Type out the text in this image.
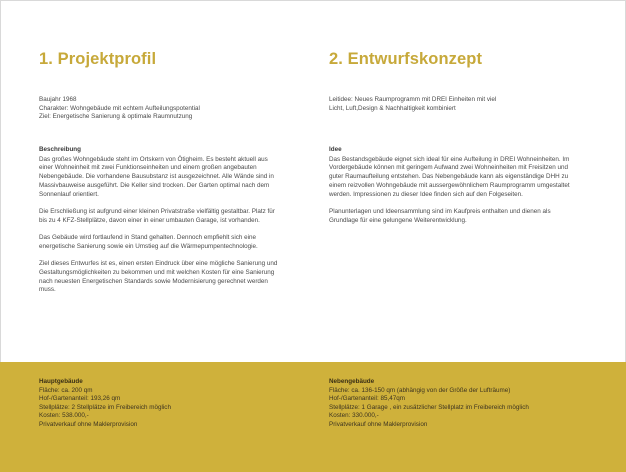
1. Projektprofil
Baujahr 1968
Charakter: Wohngebäude mit echtem Aufteilungspotential
Ziel: Energetische Sanierung & optimale Raumnutzung
Beschreibung

Das großes Wohngebäude steht im Ortskern von Ötigheim. Es besteht aktuell aus einer Wohneinheit mit zwei Funktionseinheiten und einem großen angebauten Nebengebäude. Die vorhandene Bausubstanz ist ausgezeichnet. Alle Wände sind in Massivbauweise ausgeführt. Die Keller sind trocken. Der Garten optimal nach dem Sonnenlauf orientiert.

Die Erschließung ist aufgrund einer kleinen Privatstraße vielfältig gestaltbar. Platz für bis zu 4 KFZ-Stellplätze, davon einer in einer umbauten Garage, ist vorhanden.

Das Gebäude wird fortlaufend in Stand gehalten. Dennoch empfiehlt sich eine energetische Sanierung sowie ein Umstieg auf die Wärmepumpentechnologie.

Ziel dieses Entwurfes ist es, einen ersten Eindruck über eine mögliche Sanierung und Gestaltungsmöglichkeiten zu bekommen und mit welchen Kosten für eine Sanierung nach neuesten Energetischen Standards sowie Modernisierung gerechnet werden muss.

2. Entwurfskonzept
Leitidee: Neues Raumprogramm mit DREI Einheiten mit viel
Licht, Luft,Design & Nachhaltigkeit kombiniert
Idee

Das Bestandsgebäude eignet sich ideal für eine Aufteilung in DREI Wohneinheiten. Im Vordergebäude können mit geringem Aufwand zwei Wohneinheiten mit Freisitzen und guter Raumaufteilung entstehen. Das Nebengebäude kann als eigenständige DHH zu einem reizvollen Wohngebäude mit aussergewöhnlichem Raumprogramm umgestaltet werden. Impressionen zu dieser Idee finden sich auf den Folgeseiten.

Planunterlagen und Ideensammlung sind im Kaufpreis enthalten und dienen als Grundlage für eine gelungene Weiterentwicklung.

Hauptgebäude
Fläche: ca. 200 qm
Hof-/Gartenanteil: 193,26 qm
Stellplätze: 2 Stellplätze im Freibereich möglich
Kosten: 538.000,-
Privatverkauf ohne Maklerprovision
Nebengebäude
Fläche: ca. 136-150 qm (abhängig von der Größe der Lufträume)
Hof-/Gartenanteil: 85,47qm
Stellplätze: 1 Garage , ein zusätzlicher Stellplatz im Freibereich möglich
Kosten: 330.000,-
Privatverkauf ohne Maklerprovision
